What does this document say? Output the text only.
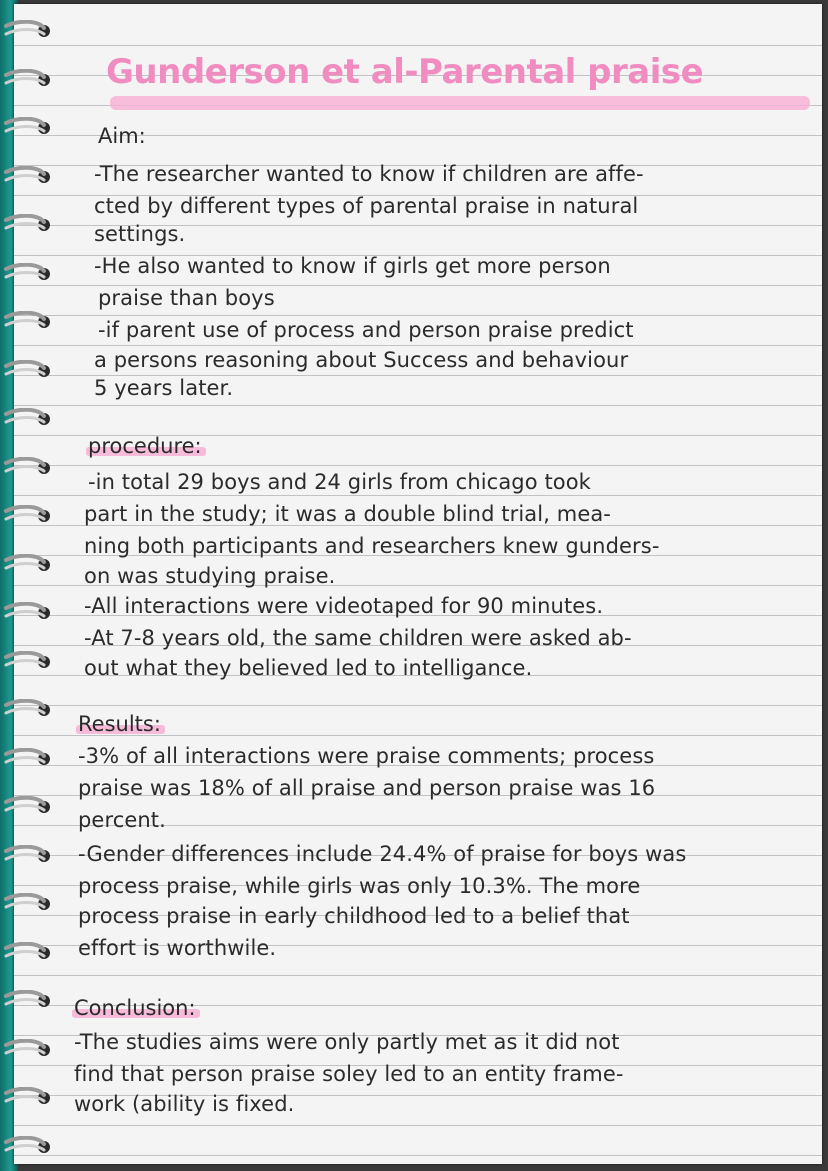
Gunderson et al-Parental praise
Aim:
-The researcher wanted to know if children are affe-
cted by different types of parental praise in natural
settings.
-He also wanted to know if girls get more person
praise than boys
-if parent use of process and person praise predict
a persons reasoning about Success and behaviour
5 years later.
procedure:
-in total 29 boys and 24 girls from chicago took
part in the study; it was a double blind trial, mea-
ning both participants and researchers knew gunders-
on was studying praise.
-All interactions were videotaped for 90 minutes.
-At 7-8 years old, the same children were asked ab-
out what they believed led to intelligance.
Results:
-3% of all interactions were praise comments; process
praise was 18% of all praise and person praise was 16
percent.
-Gender differences include 24.4% of praise for boys was
process praise, while girls was only 10.3%. The more
process praise in early childhood led to a belief that
effort is worthwile.
Conclusion:
-The studies aims were only partly met as it did not
find that person praise soley led to an entity frame-
work (ability is fixed.
